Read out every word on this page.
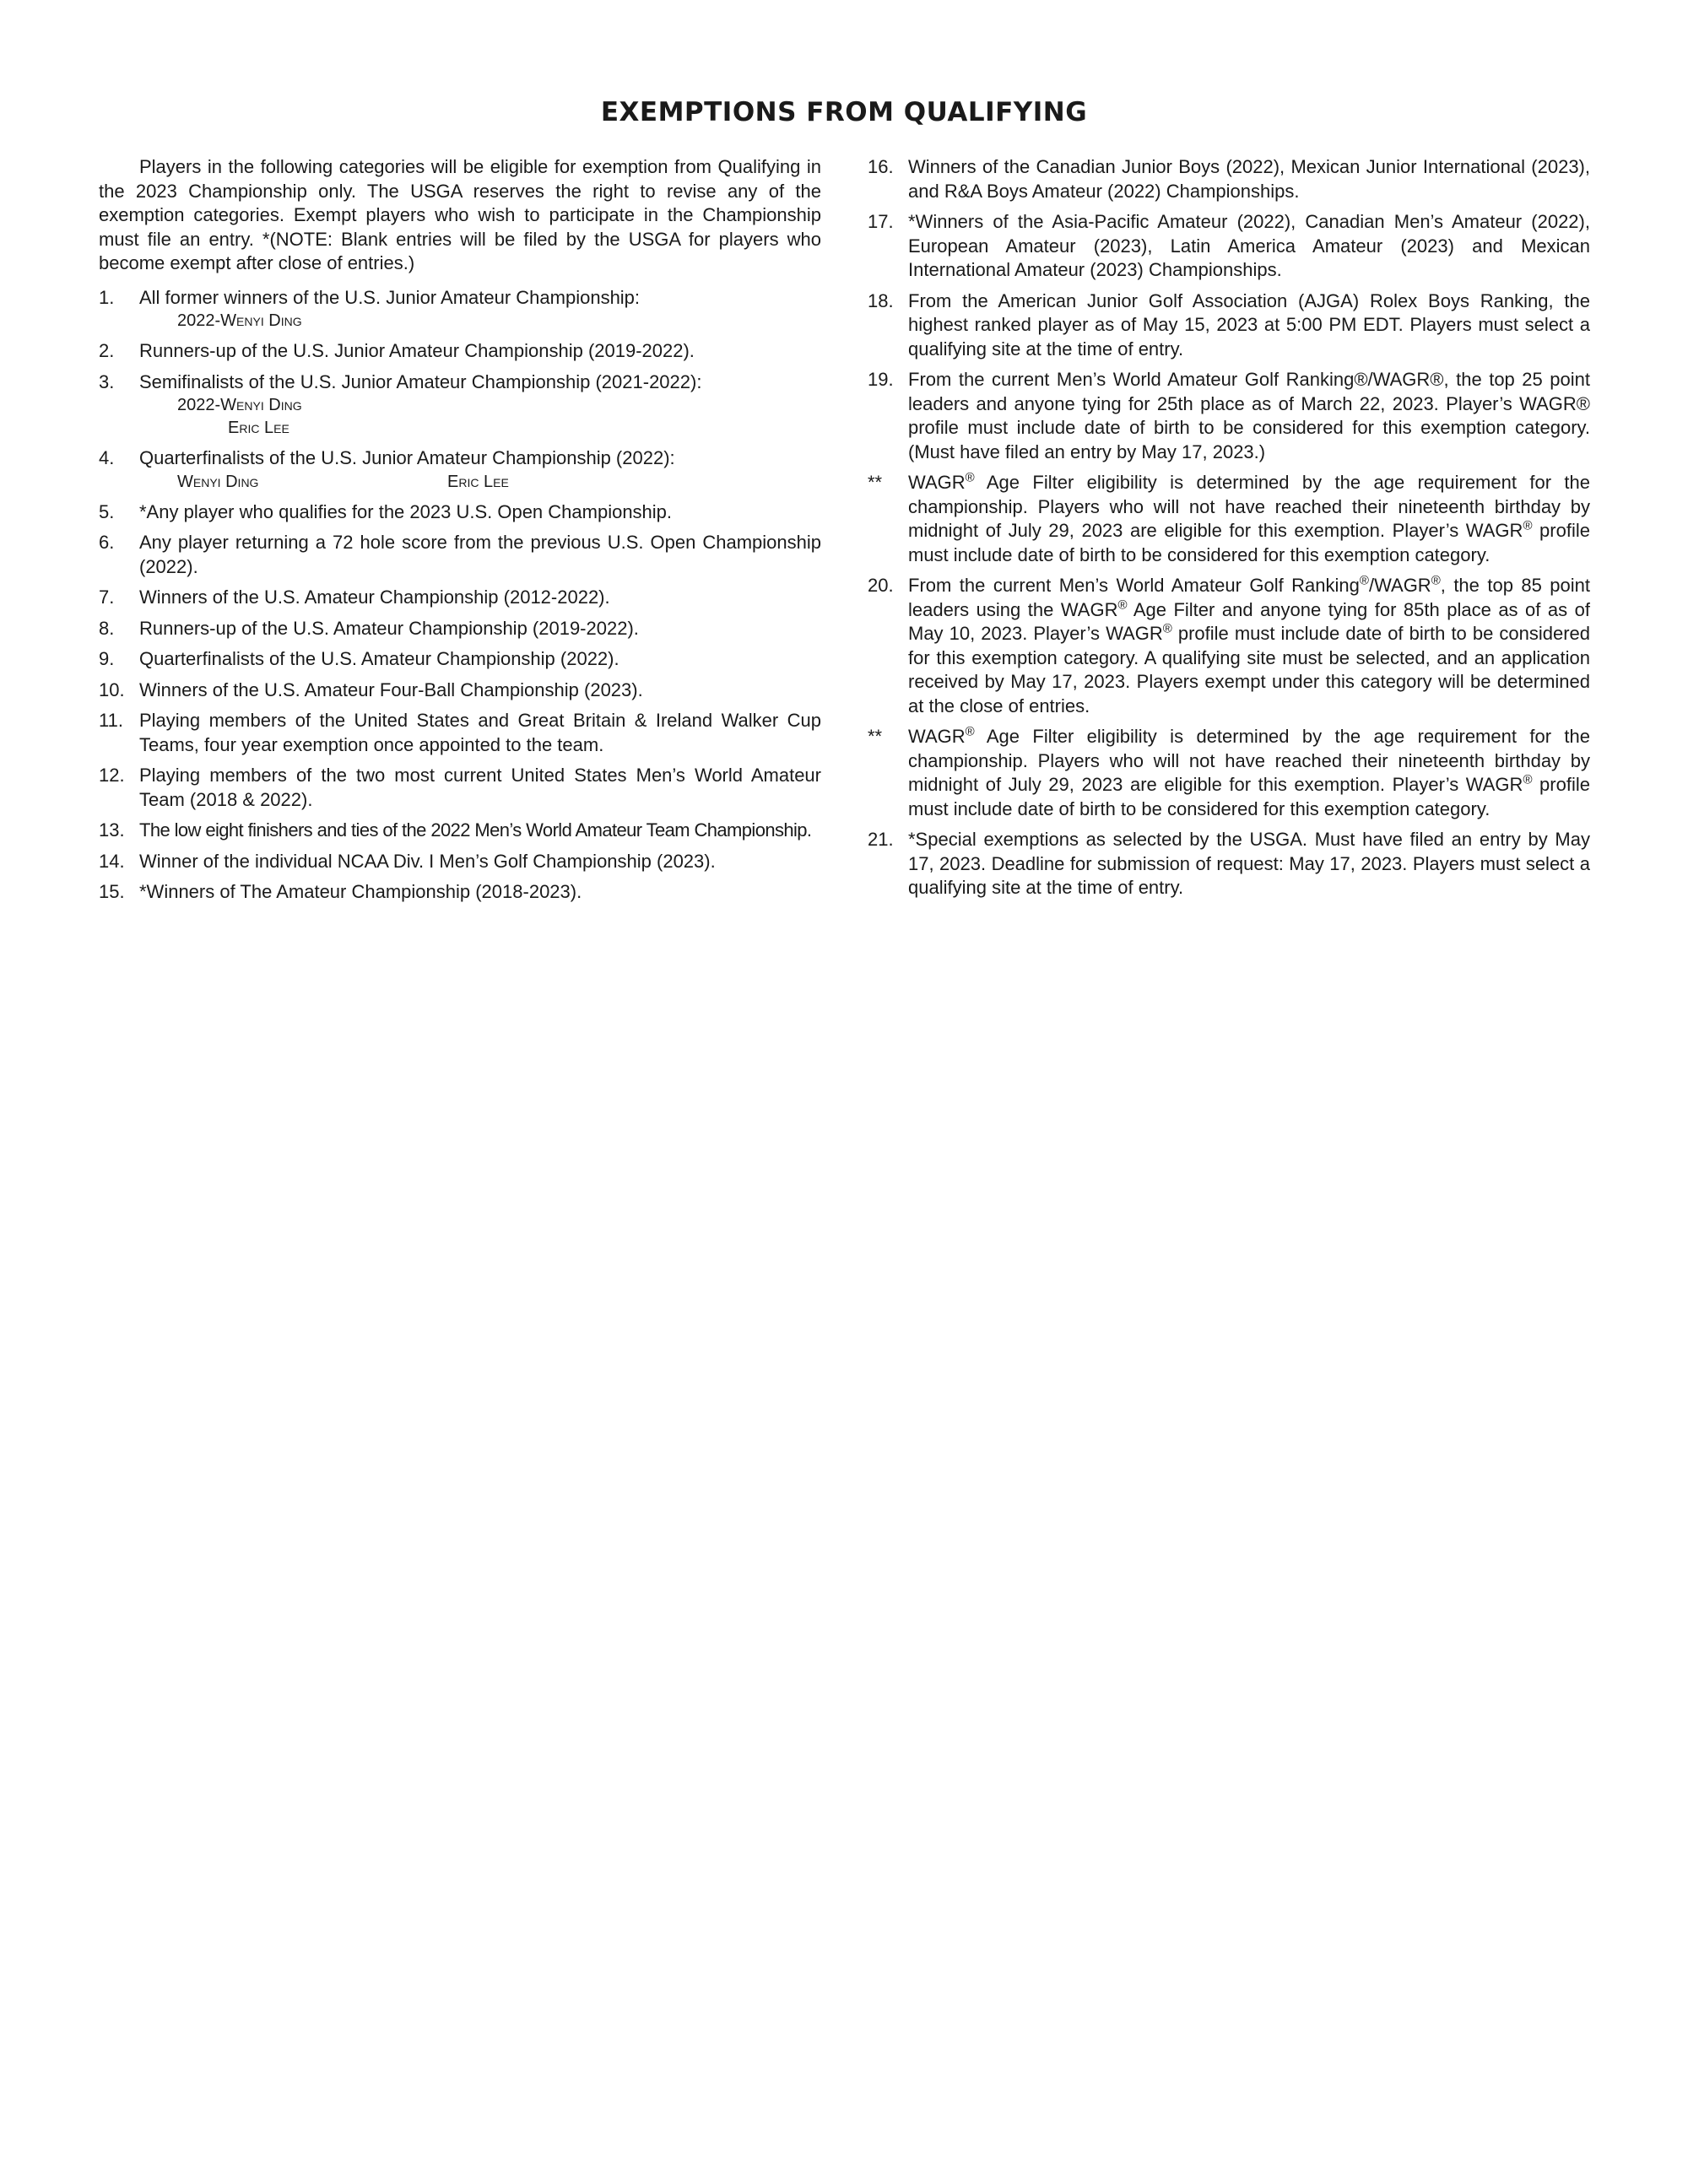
EXEMPTIONS FROM QUALIFYING

Players in the following categories will be eligible for exemption from Qualifying in the 2023 Championship only. The USGA reserves the right to revise any of the exemption categories. Exempt players who wish to participate in the Championship must file an entry. *(NOTE: Blank entries will be filed by the USGA for players who become exempt after close of entries.)

1.	All former winners of the U.S. Junior Amateur Championship:
2022-Wenyi Ding
2.	Runners-up of the U.S. Junior Amateur Championship (2019-2022).
3.	Semifinalists of the U.S. Junior Amateur Championship (2021-2022):
2022-Wenyi Ding
Eric Lee
4.	Quarterfinalists of the U.S. Junior Amateur Championship (2022):
Wenyi Ding	Eric Lee
5.	*Any player who qualifies for the 2023 U.S. Open Championship.
6.	Any player returning a 72 hole score from the previous U.S. Open Championship (2022).
7.	Winners of the U.S. Amateur Championship (2012-2022).
8.	Runners-up of the U.S. Amateur Championship (2019-2022).
9.	Quarterfinalists of the U.S. Amateur Championship (2022).
10. Winners of the U.S. Amateur Four-Ball Championship (2023).
11. Playing members of the United States and Great Britain & Ireland Walker Cup Teams, four year exemption once appointed to the team.
12. Playing members of the two most current United States Men’s World Amateur Team (2018 & 2022).
13. The low eight finishers and ties of the 2022 Men’s World Amateur Team Championship.
14. Winner of the individual NCAA Div. I Men’s Golf Championship (2023).
15. *Winners of The Amateur Championship (2018-2023).
16. Winners of the Canadian Junior Boys (2022), Mexican Junior International (2023), and R&A Boys Amateur (2022) Championships.
17. *Winners of the Asia-Pacific Amateur (2022), Canadian Men’s Amateur (2022), European Amateur (2023), Latin America Amateur (2023) and Mexican International Amateur (2023) Championships.
18. From the American Junior Golf Association (AJGA) Rolex Boys Ranking, the highest ranked player as of May 15, 2023 at 5:00 PM EDT. Players must select a qualifying site at the time of entry.
19. From the current Men’s World Amateur Golf Ranking®/WAGR®, the top 25 point leaders and anyone tying for 25th place as of March 22, 2023. Player’s WAGR® profile must include date of birth to be considered for this exemption category. (Must have filed an entry by May 17, 2023.)
**	WAGR® Age Filter eligibility is determined by the age requirement for the championship. Players who will not have reached their nineteenth birthday by midnight of July 29, 2023 are eligible for this exemption. Player’s WAGR® profile must include date of birth to be considered for this exemption category.
20. From the current Men’s World Amateur Golf Ranking®/WAGR®, the top 85 point leaders using the WAGR® Age Filter and anyone tying for 85th place as of as of May 10, 2023. Player’s WAGR® profile must include date of birth to be considered for this exemption category. A qualifying site must be selected, and an application received by May 17, 2023. Players exempt under this category will be determined at the close of entries.
**	WAGR® Age Filter eligibility is determined by the age requirement for the championship. Players who will not have reached their nineteenth birthday by midnight of July 29, 2023 are eligible for this exemption. Player’s WAGR® profile must include date of birth to be considered for this exemption category.
21. *Special exemptions as selected by the USGA. Must have filed an entry by May 17, 2023. Deadline for submission of request: May 17, 2023. Players must select a qualifying site at the time of entry.
